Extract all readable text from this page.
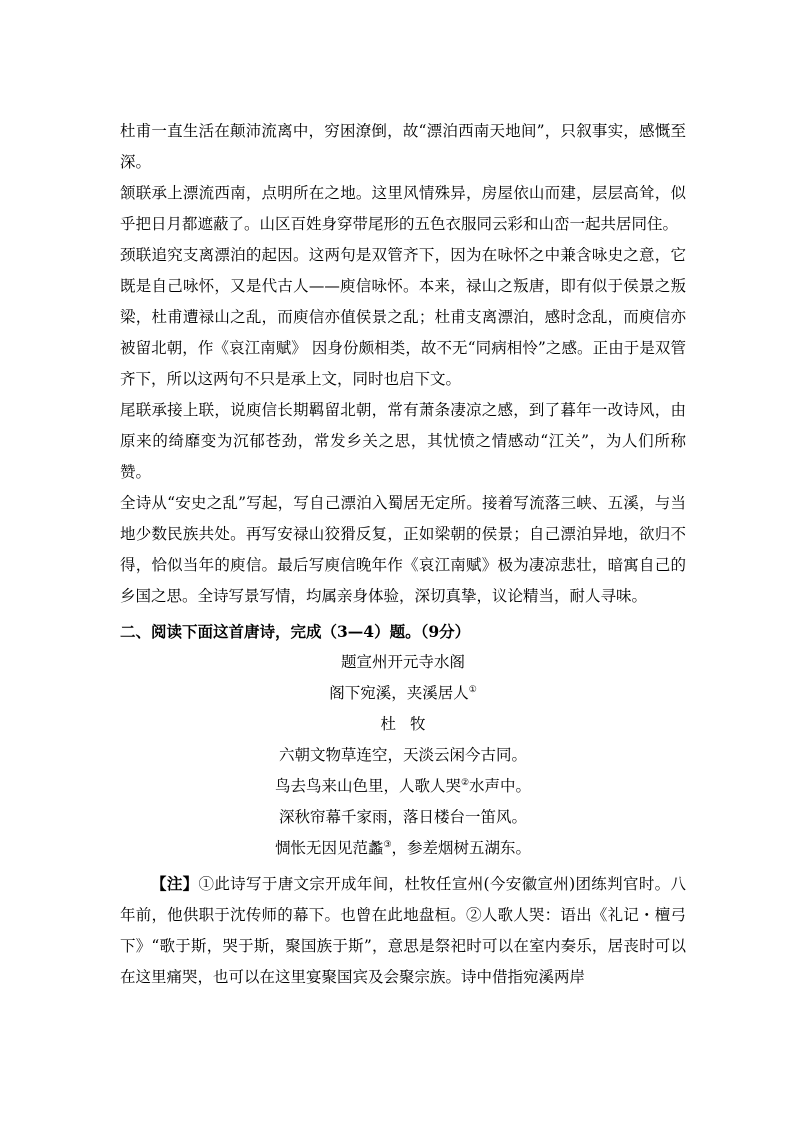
杜甫一直生活在颠沛流离中，穷困潦倒，故“漂泊西南天地间”，只叙事实，感慨至深。

颔联承上漂流西南，点明所在之地。这里风情殊异，房屋依山而建，层层高耸，似乎把日月都遮蔽了。山区百姓身穿带尾形的五色衣服同云彩和山峦一起共居同住。

颈联追究支离漂泊的起因。这两句是双管齐下，因为在咏怀之中兼含咏史之意，它既是自己咏怀，又是代古人——庾信咏怀。本来，禄山之叛唐，即有似于侯景之叛梁，杜甫遭禄山之乱，而庾信亦值侯景之乱；杜甫支离漂泊，感时念乱，而庾信亦被留北朝，作《哀江南赋》 因身份颇相类，故不无“同病相怜”之感。正由于是双管齐下，所以这两句不只是承上文，同时也启下文。

尾联承接上联，说庾信长期羁留北朝，常有萧条凄凉之感，到了暮年一改诗风，由原来的绮靡变为沉郁苍劲，常发乡关之思，其忧愤之情感动“江关”，为人们所称赞。

全诗从“安史之乱”写起，写自己漂泊入蜀居无定所。接着写流落三峡、五溪，与当地少数民族共处。再写安禄山狡猾反复，正如梁朝的侯景；自己漂泊异地，欲归不得，恰似当年的庾信。最后写庾信晚年作《哀江南赋》极为凄凉悲壮，暗寓自己的乡国之思。全诗写景写情，均属亲身体验，深切真挚，议论精当，耐人寻味。

二、阅读下面这首唐诗，完成（3—4）题。（9分）

题宣州开元寺水阁

阁下宛溪，夹溪居人①

杜牧

六朝文物草连空，天淡云闲今古同。

鸟去鸟来山色里，人歌人哭②水声中。

深秋帘幕千家雨，落日楼台一笛风。

惆怅无因见范蠡③，参差烟树五湖东。

【注】①此诗写于唐文宗开成年间，杜牧任宣州(今安徽宣州)团练判官时。八年前，他供职于沈传师的幕下。也曾在此地盘桓。②人歌人哭：语出《礼记・檀弓下》“歌于斯，哭于斯，聚国族于斯”，意思是祭祀时可以在室内奏乐，居丧时可以在这里痛哭，也可以在这里宴聚国宾及会聚宗族。诗中借指宛溪两岸
